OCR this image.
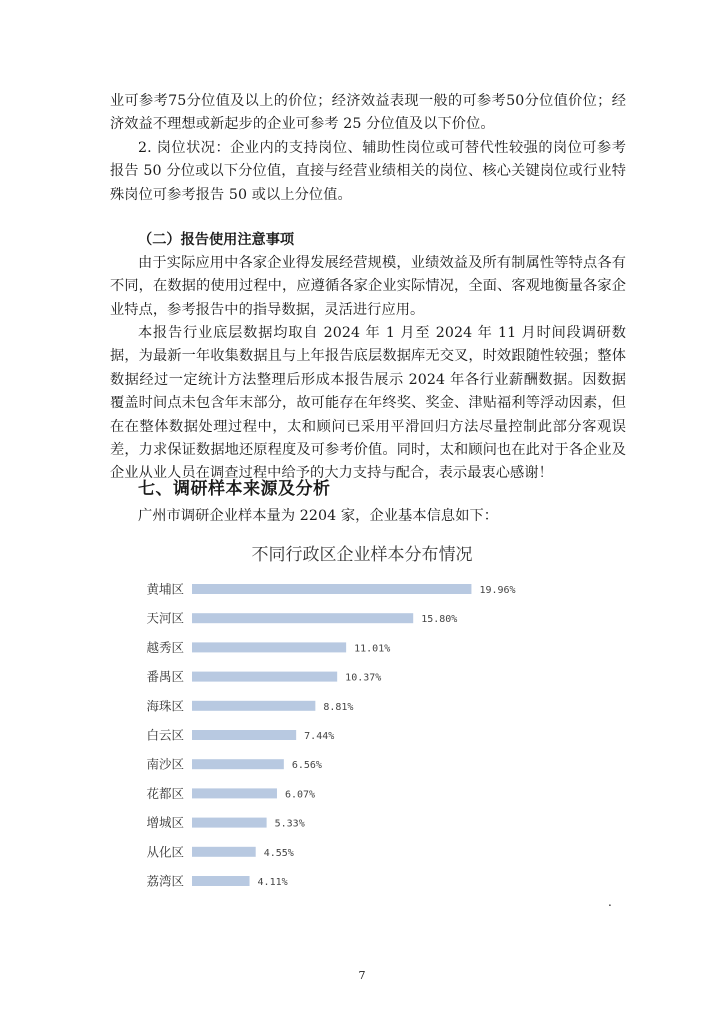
业可参考75分位值及以上的价位；经济效益表现一般的可参考50分位值价位；经济效益不理想或新起步的企业可参考 25 分位值及以下价位。

2. 岗位状况：企业内的支持岗位、辅助性岗位或可替代性较强的岗位可参考报告 50 分位或以下分位值，直接与经营业绩相关的岗位、核心关键岗位或行业特殊岗位可参考报告 50 或以上分位值。

（二）报告使用注意事项

由于实际应用中各家企业得发展经营规模，业绩效益及所有制属性等特点各有不同，在数据的使用过程中，应遵循各家企业实际情况，全面、客观地衡量各家企业特点，参考报告中的指导数据，灵活进行应用。

本报告行业底层数据均取自 2024 年 1 月至 2024 年 11 月时间段调研数据，为最新一年收集数据且与上年报告底层数据库无交叉，时效跟随性较强；整体数据经过一定统计方法整理后形成本报告展示 2024 年各行业薪酬数据。因数据覆盖时间点未包含年末部分，故可能存在年终奖、奖金、津贴福利等浮动因素，但在在整体数据处理过程中，太和顾问已采用平滑回归方法尽量控制此部分客观误差，力求保证数据地还原程度及可参考价值。同时，太和顾问也在此对于各企业及企业从业人员在调查过程中给予的大力支持与配合，表示最衷心感谢！

七、调研样本来源及分析

广州市调研企业样本量为 2204 家，企业基本信息如下：

不同行政区企业样本分布情况
黄埔区	19.96%
天河区	15.80%
越秀区	11.01%
番禺区	10.37%
海珠区	8.81%
白云区	7.44%
南沙区	6.56%
花都区	6.07%
增城区	5.33%
从化区	4.55%
荔湾区	4.11%
.
7
